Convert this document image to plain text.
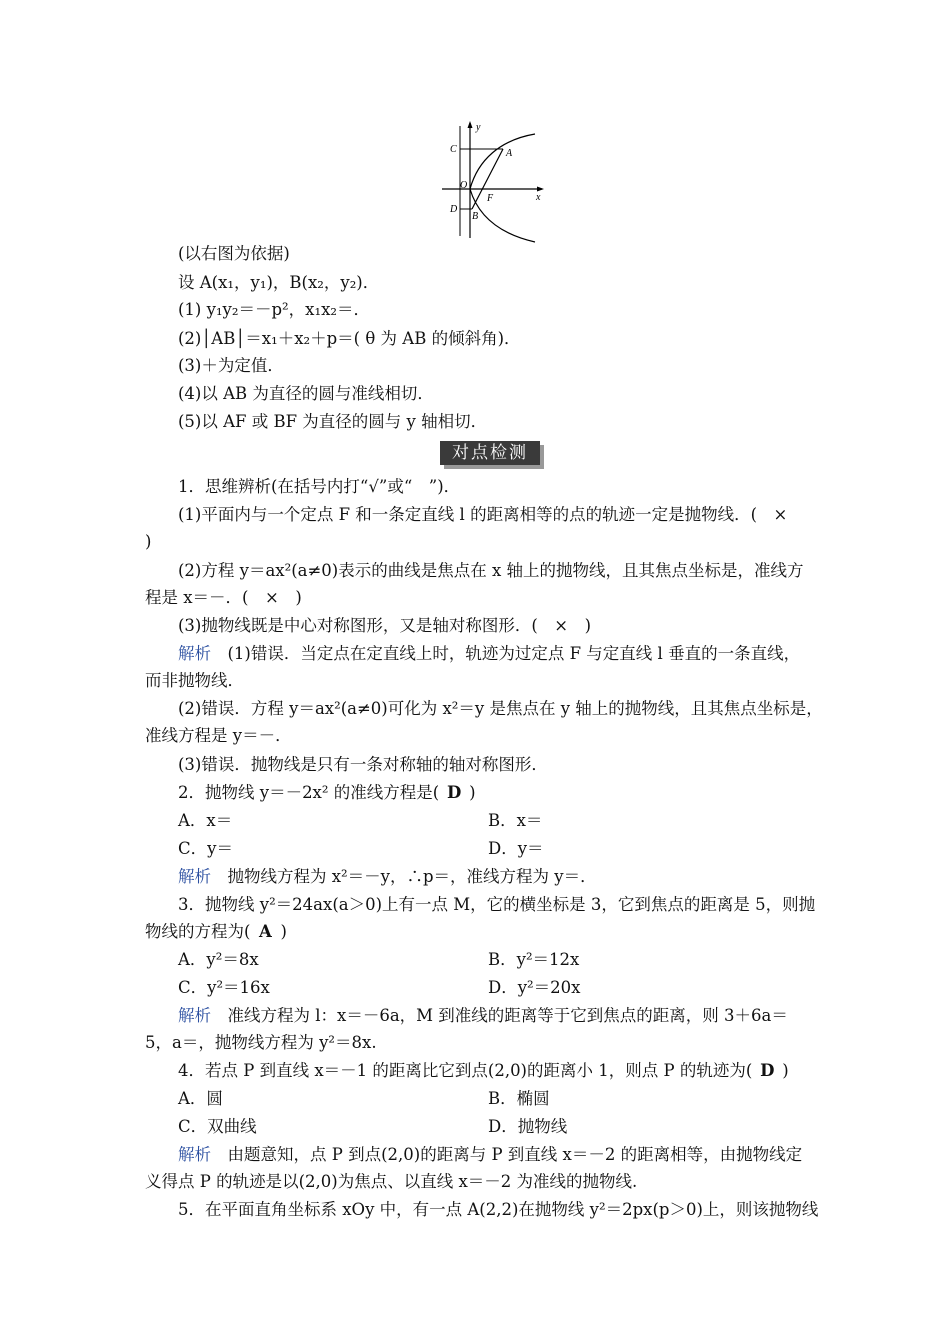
y
x
C	A
O
F
D
B
(以右图为依据)
设 A(x₁，y₁)，B(x₂，y₂)．
(1) y₁y₂＝－p²，x₁x₂＝．
(2)│AB│＝x₁＋x₂＋p＝( θ 为 AB 的倾斜角)．
(3)＋为定值．
(4)以 AB 为直径的圆与准线相切．
(5)以 AF 或 BF 为直径的圆与 y 轴相切．
对点检测
1．思维辨析(在括号内打“√”或“　”)．
(1)平面内与一个定点 F 和一条定直线 l 的距离相等的点的轨迹一定是抛物线．(　×
)
(2)方程 y＝ax²(a≠0)表示的曲线是焦点在 x 轴上的抛物线，且其焦点坐标是，准线方
程是 x＝－．(　×　)
(3)抛物线既是中心对称图形，又是轴对称图形．(　×　)
解析　 (1)错误．当定点在定直线上时，轨迹为过定点 F 与定直线 l 垂直的一条直线，
而非抛物线．
(2)错误．方程 y＝ax²(a≠0)可化为 x²＝y 是焦点在 y 轴上的抛物线，且其焦点坐标是，
准线方程是 y＝－．
(3)错误．抛物线是只有一条对称轴的轴对称图形．
2．抛物线 y＝－2x² 的准线方程是( D )
A．x＝	B．x＝
C．y＝	D．y＝
解析　 抛物线方程为 x²＝－y，∴p＝，准线方程为 y＝．
3．抛物线 y²＝24ax(a＞0)上有一点 M，它的横坐标是 3，它到焦点的距离是 5，则抛
物线的方程为( A )
A．y²＝8x	B．y²＝12x
C．y²＝16x	D．y²＝20x
解析　 准线方程为 l：x＝－6a，M 到准线的距离等于它到焦点的距离，则 3＋6a＝
5，a＝，抛物线方程为 y²＝8x.
4．若点 P 到直线 x＝－1 的距离比它到点(2,0)的距离小 1，则点 P 的轨迹为( D )
A．圆	B．椭圆
C．双曲线	D．抛物线
解析　 由题意知，点 P 到点(2,0)的距离与 P 到直线 x＝－2 的距离相等，由抛物线定
义得点 P 的轨迹是以(2,0)为焦点、以直线 x＝－2 为准线的抛物线.
5．在平面直角坐标系 xOy 中，有一点 A(2,2)在抛物线 y²＝2px(p＞0)上，则该抛物线
